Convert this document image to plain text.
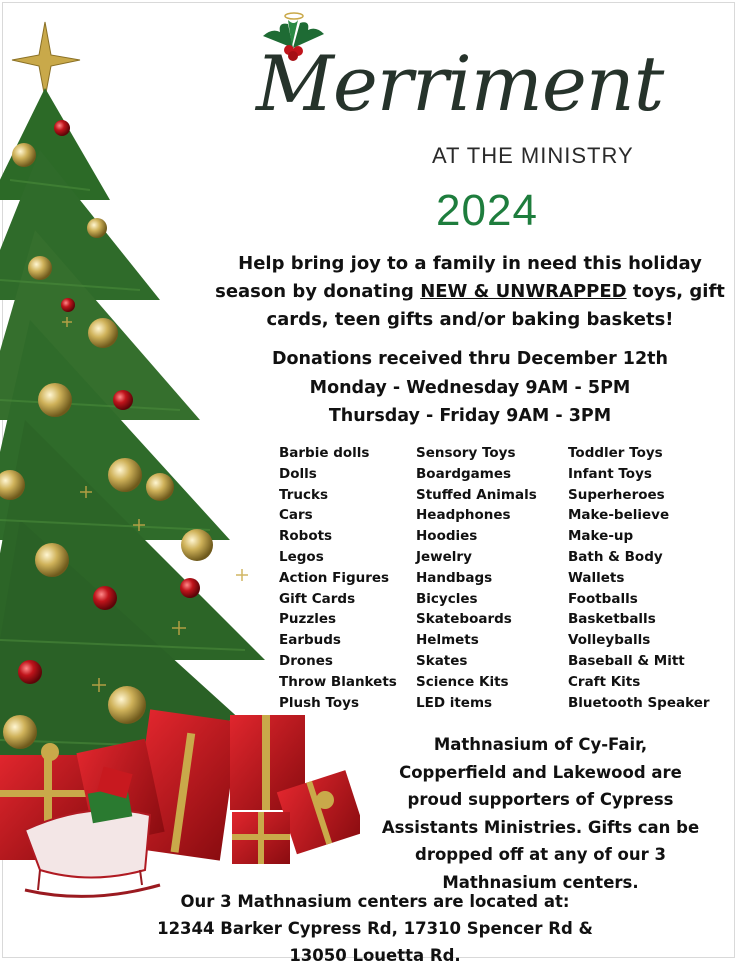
Merriment
AT THE MINISTRY
2024
Help bring joy to a family in need this holiday season by donating NEW & UNWRAPPED toys, gift cards, teen gifts and/or baking baskets!
Donations received thru December 12th
Monday - Wednesday 9AM - 5PM
Thursday - Friday 9AM - 3PM
Barbie dolls
Dolls
Trucks
Cars
Robots
Legos
Action Figures
Gift Cards
Puzzles
Earbuds
Drones
Throw Blankets
Plush Toys
Sensory Toys
Boardgames
Stuffed Animals
Headphones
Hoodies
Jewelry
Handbags
Bicycles
Skateboards
Helmets
Skates
Science Kits
LED items
Toddler Toys
Infant Toys
Superheroes
Make-believe
Make-up
Bath & Body
Wallets
Footballs
Basketballs
Volleyballs
Baseball & Mitt
Craft Kits
Bluetooth Speaker
Mathnasium of Cy-Fair,
Copperfield and Lakewood are
proud supporters of Cypress
Assistants Ministries. Gifts can be
dropped off at any of our 3
Mathnasium centers.
Our 3 Mathnasium centers are located at:
12344 Barker Cypress Rd, 17310 Spencer Rd &
13050 Louetta Rd.
